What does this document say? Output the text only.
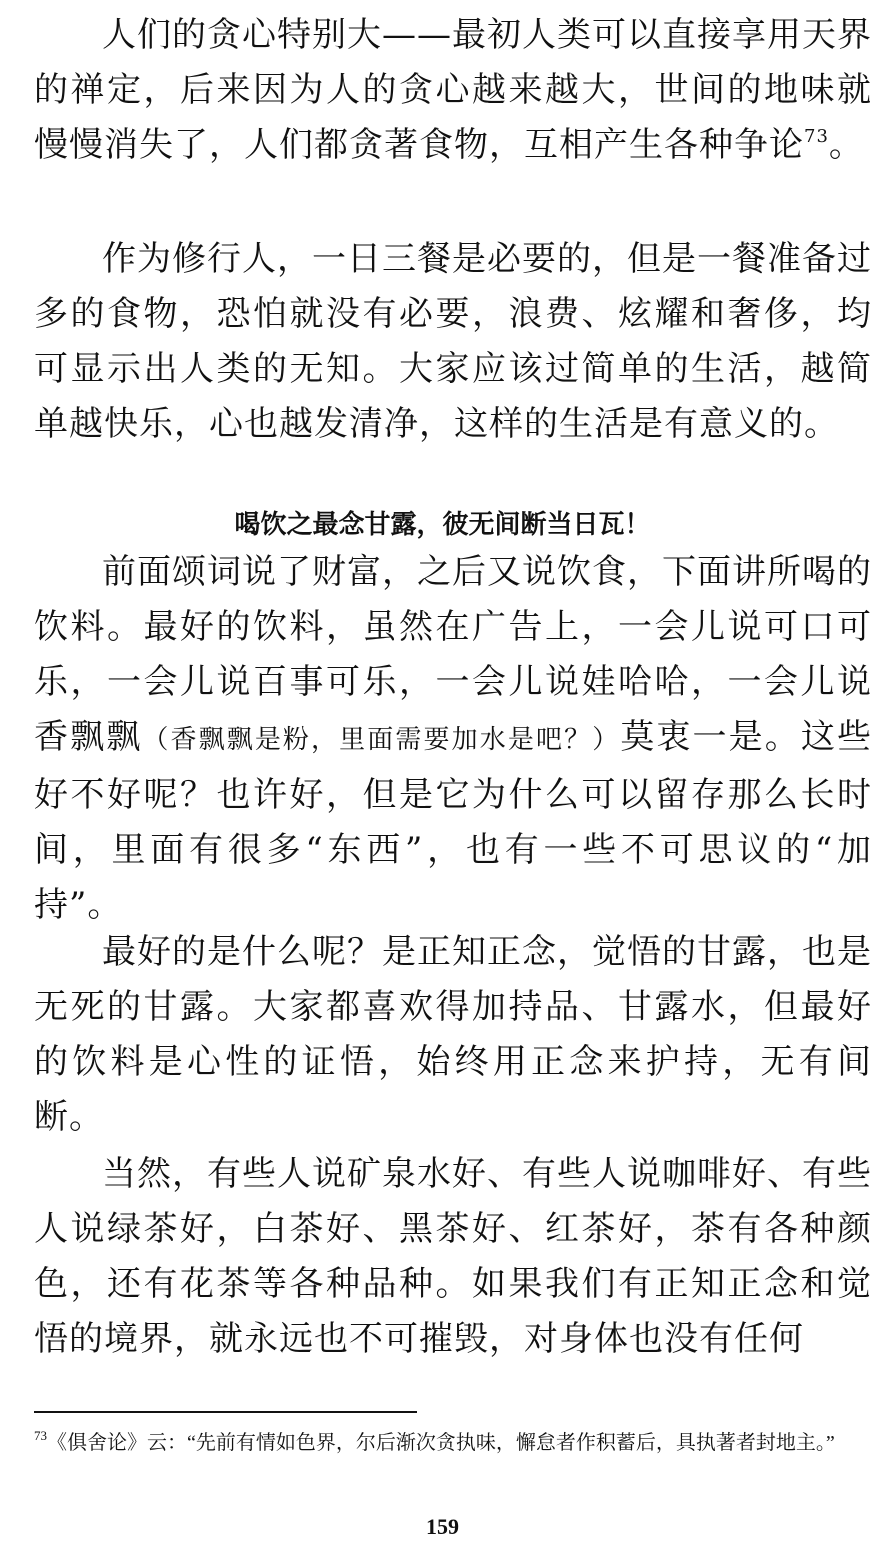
人们的贪心特别大——最初人类可以直接享用天界的禅定，后来因为人的贪心越来越大，世间的地味就慢慢消失了，人们都贪著食物，互相产生各种争论$^{73}$。

作为修行人，一日三餐是必要的，但是一餐准备过多的食物，恐怕就没有必要，浪费、炫耀和奢侈，均可显示出人类的无知。大家应该过简单的生活，越简单越快乐，心也越发清净，这样的生活是有意义的。

喝饮之最念甘露，彼无间断当日瓦！

前面颂词说了财富，之后又说饮食，下面讲所喝的饮料。最好的饮料，虽然在广告上，一会儿说可口可乐，一会儿说百事可乐，一会儿说娃哈哈，一会儿说香飘飘（香飘飘是粉，里面需要加水是吧？）莫衷一是。这些好不好呢？也许好，但是它为什么可以留存那么长时间，里面有很多“东西”，也有一些不可思议的“加持”。

最好的是什么呢？是正知正念，觉悟的甘露，也是无死的甘露。大家都喜欢得加持品、甘露水，但最好的饮料是心性的证悟，始终用正念来护持，无有间断。

当然，有些人说矿泉水好、有些人说咖啡好、有些人说绿茶好，白茶好、黑茶好、红茶好，茶有各种颜色，还有花茶等各种品种。如果我们有正知正念和觉悟的境界，就永远也不可摧毁，对身体也没有任何

$^{73}$《俱舍论》云：“先前有情如色界，尔后渐次贪执味，懈怠者作积蓄后，具执著者封地主。”

159
